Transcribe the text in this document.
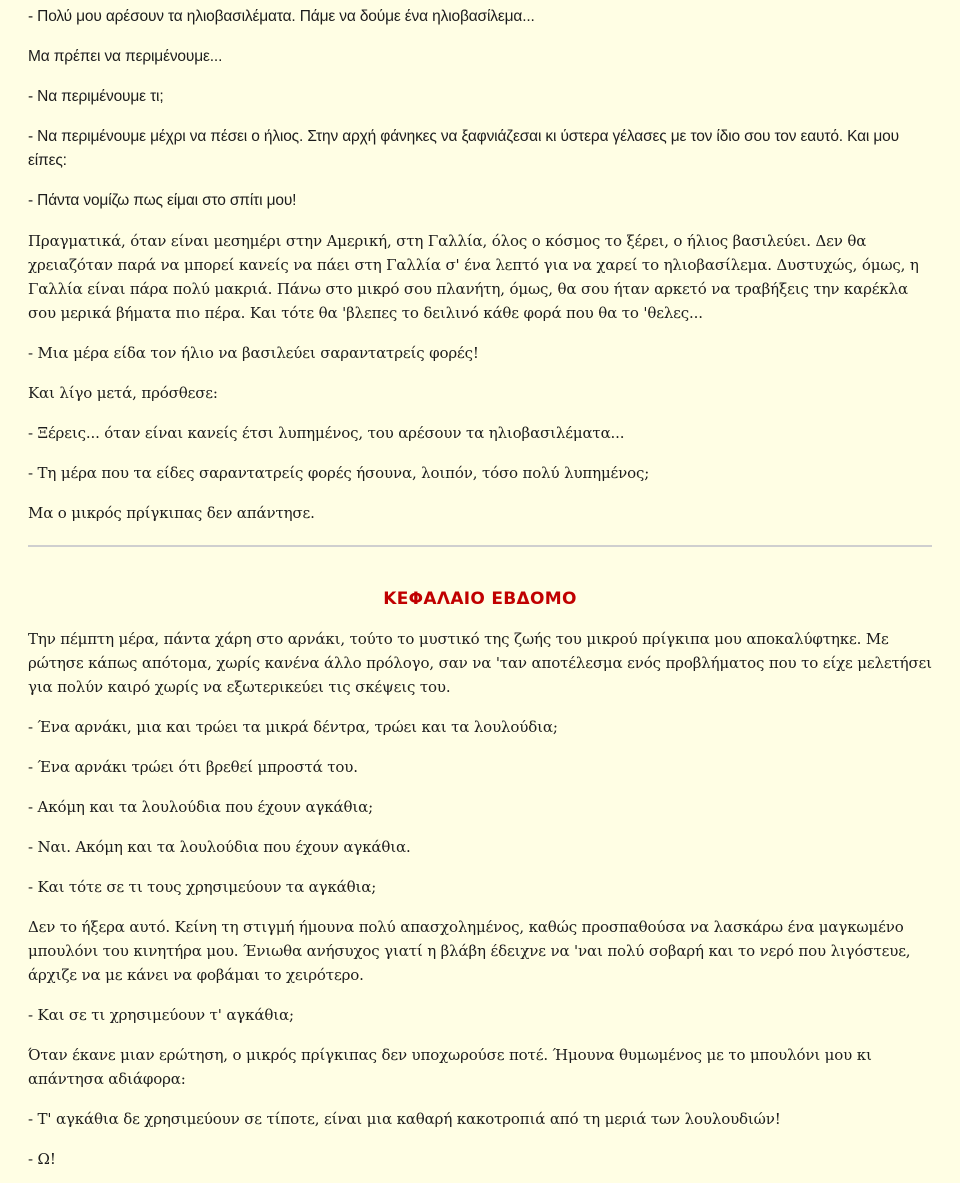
- Πολύ μου αρέσουν τα ηλιοβασιλέματα. Πάμε να δούμε ένα ηλιοβασίλεμα...

Μα πρέπει να περιμένουμε...

- Να περιμένουμε τι;

- Να περιμένουμε μέχρι να πέσει ο ήλιος. Στην αρχή φάνηκες να ξαφνιάζεσαι κι ύστερα γέλασες με τον ίδιο σου τον εαυτό. Και μου είπες:

- Πάντα νομίζω πως είμαι στο σπίτι μου!

Πραγματικά, όταν είναι μεσημέρι στην Αμερική, στη Γαλλία, όλος ο κόσμος το ξέρει, ο ήλιος βασιλεύει. Δεν θα χρειαζόταν παρά να μπορεί κανείς να πάει στη Γαλλία σ' ένα λεπτό για να χαρεί το ηλιοβασίλεμα. Δυστυχώς, όμως, η Γαλλία είναι πάρα πολύ μακριά. Πάνω στο μικρό σου πλανήτη, όμως, θα σου ήταν αρκετό να τραβήξεις την καρέκλα σου μερικά βήματα πιο πέρα. Και τότε θα 'βλεπες το δειλινό κάθε φορά που θα το 'θελες...

- Μια μέρα είδα τον ήλιο να βασιλεύει σαραντατρείς φορές!

Και λίγο μετά, πρόσθεσε:

- Ξέρεις... όταν είναι κανείς έτσι λυπημένος, του αρέσουν τα ηλιοβασιλέματα...

- Τη μέρα που τα είδες σαραντατρείς φορές ήσουνα, λοιπόν, τόσο πολύ λυπημένος;

Μα ο μικρός πρίγκιπας δεν απάντησε.

ΚΕΦΑΛΑΙΟ ΕΒΔΟΜΟ

Την πέμπτη μέρα, πάντα χάρη στο αρνάκι, τούτο το μυστικό της ζωής του μικρού πρίγκιπα μου αποκαλύφτηκε. Με ρώτησε κάπως απότομα, χωρίς κανένα άλλο πρόλογο, σαν να 'ταν αποτέλεσμα ενός προβλήματος που το είχε μελετήσει για πολύν καιρό χωρίς να εξωτερικεύει τις σκέψεις του.

- Ένα αρνάκι, μια και τρώει τα μικρά δέντρα, τρώει και τα λουλούδια;

- Ένα αρνάκι τρώει ότι βρεθεί μπροστά του.

- Ακόμη και τα λουλούδια που έχουν αγκάθια;

- Ναι. Ακόμη και τα λουλούδια που έχουν αγκάθια.

- Και τότε σε τι τους χρησιμεύουν τα αγκάθια;

Δεν το ήξερα αυτό. Κείνη τη στιγμή ήμουνα πολύ απασχολημένος, καθώς προσπαθούσα να λασκάρω ένα μαγκωμένο μπουλόνι του κινητήρα μου. Ένιωθα ανήσυχος γιατί η βλάβη έδειχνε να 'ναι πολύ σοβαρή και το νερό που λιγόστευε, άρχιζε να με κάνει να φοβάμαι το χειρότερο.

- Και σε τι χρησιμεύουν τ' αγκάθια;

Όταν έκανε μιαν ερώτηση, ο μικρός πρίγκιπας δεν υποχωρούσε ποτέ. Ήμουνα θυμωμένος με το μπουλόνι μου κι απάντησα αδιάφορα:

- Τ' αγκάθια δε χρησιμεύουν σε τίποτε, είναι μια καθαρή κακοτροπιά από τη μεριά των λουλουδιών!

- Ω!
